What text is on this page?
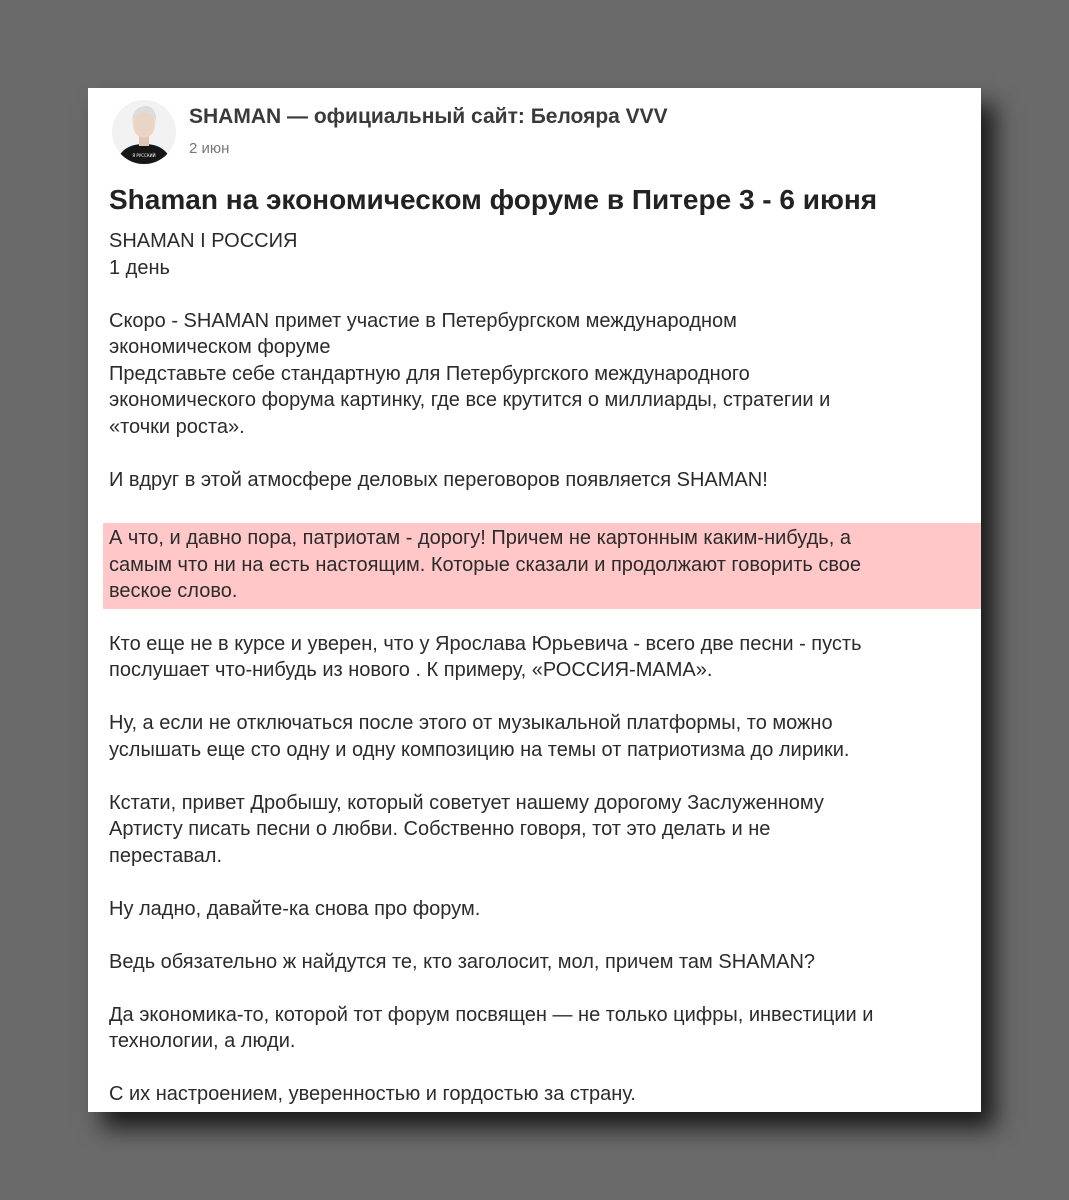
Я РУССКИЙ
SHAMAN — официальный сайт: Белояра VVV
2 июн
Shaman на экономическом форуме в Питере 3 - 6 июня

SHAMAN I РОССИЯ

1 день

Скоро - SHAMAN примет участие в Петербургском международном

экономическом форуме

Представьте себе стандартную для Петербургского международного

экономического форума картинку, где все крутится о миллиарды, стратегии и

«точки роста».

И вдруг в этой атмосфере деловых переговоров появляется SHAMAN!

А что, и давно пора, патриотам - дорогу! Причем не картонным каким-нибудь, а

самым что ни на есть настоящим. Которые сказали и продолжают говорить свое

веское слово.

Кто еще не в курсе и уверен, что у Ярослава Юрьевича - всего две песни - пусть

послушает что-нибудь из нового . К примеру, «РОССИЯ-МАМА».

Ну, а если не отключаться после этого от музыкальной платформы, то можно

услышать еще сто одну и одну композицию на темы от патриотизма до лирики.

Кстати, привет Дробышу, который советует нашему дорогому Заслуженному

Артисту писать песни о любви. Собственно говоря, тот это делать и не

переставал.

Ну ладно, давайте-ка снова про форум.

Ведь обязательно ж найдутся те, кто заголосит, мол, причем там SHAMAN?

Да экономика-то, которой тот форум посвящен — не только цифры, инвестиции и

технологии, а люди.

С их настроением, уверенностью и гордостью за страну.
